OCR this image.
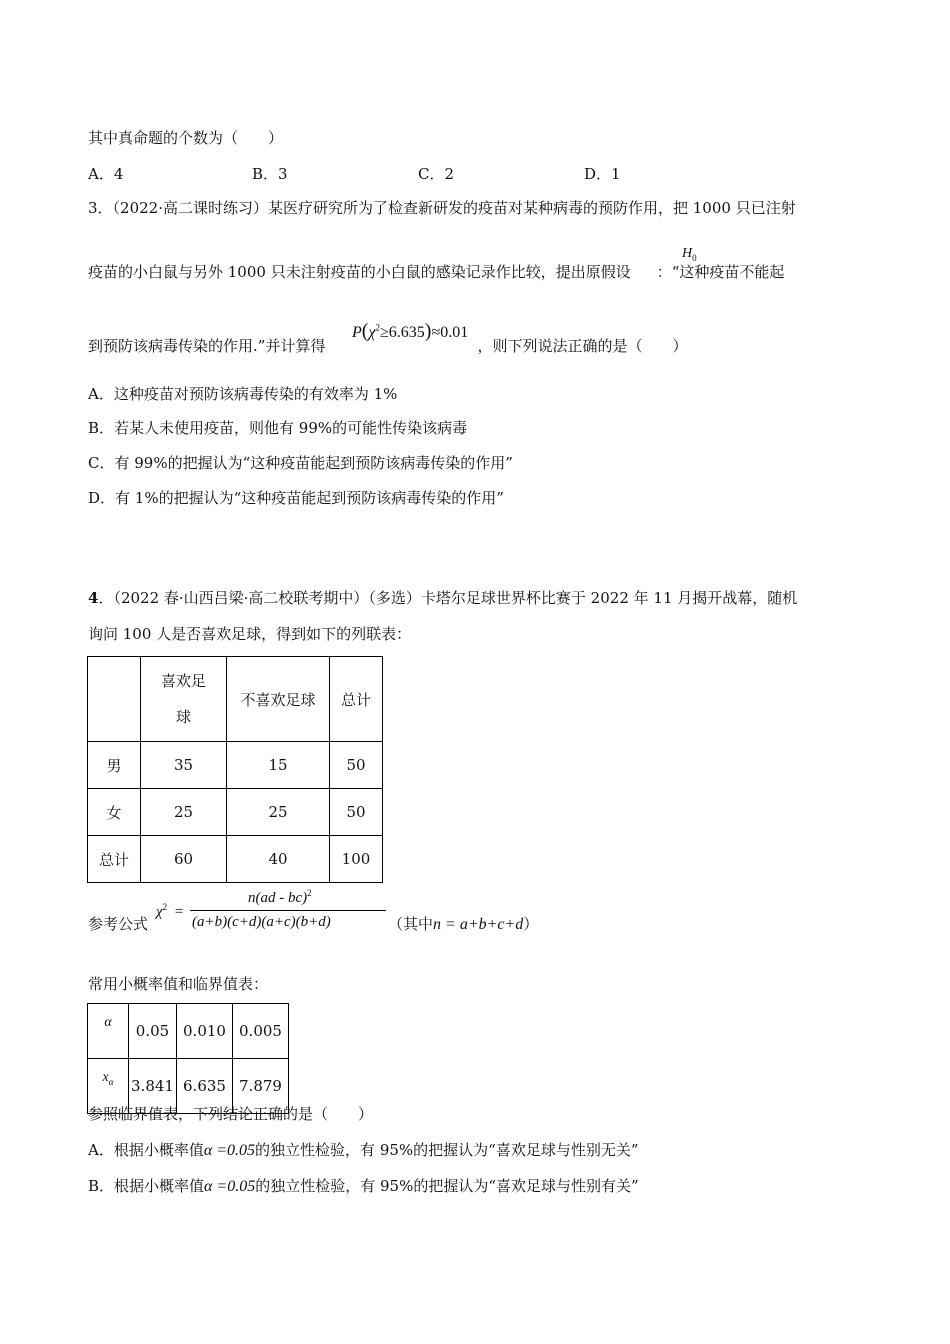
其中真命题的个数为（　　）
A．4	B．3	C．2	D．1
3．（2022·高二课时练习）某医疗研究所为了检查新研发的疫苗对某种病毒的预防作用，把 1000 只已注射
疫苗的小白鼠与另外 1000 只未注射疫苗的小白鼠的感染记录作比较，提出原假设 ：“这种疫苗不能起
$H_0$
到预防该病毒传染的作用.”并计算得	，则下列说法正确的是（　　）
$P(\chi^2\ge 6.635)\approx 0.01$
A．这种疫苗对预防该病毒传染的有效率为 1%
B．若某人未使用疫苗，则他有 99%的可能性传染该病毒
C．有 99%的把握认为“这种疫苗能起到预防该病毒传染的作用”
D．有 1%的把握认为“这种疫苗能起到预防该病毒传染的作用”
4．（2022 春·山西吕梁·高二校联考期中）（多选）卡塔尔足球世界杯比赛于 2022 年 11 月揭开战幕，随机
询问 100 人是否喜欢足球，得到如下的列联表：
	喜欢足
球	不喜欢足球	总计
男	35	15	50
女	25	25	50
总计	60	40	100
参考公式
$\chi^2$ =
n(ad - bc)$^2$
(a+b)(c+d)(a+c)(b+d)	（其中n = a+b+c+d）
常用小概率值和临界值表：
α	0.05	0.010	0.005
$x_\alpha$	3.841	6.635	7.879
参照临界值表，下列结论正确的是（　　）
A．根据小概率值α =0.05的独立性检验，有 95%的把握认为“喜欢足球与性别无关”
B．根据小概率值α =0.05的独立性检验，有 95%的把握认为“喜欢足球与性别有关”
